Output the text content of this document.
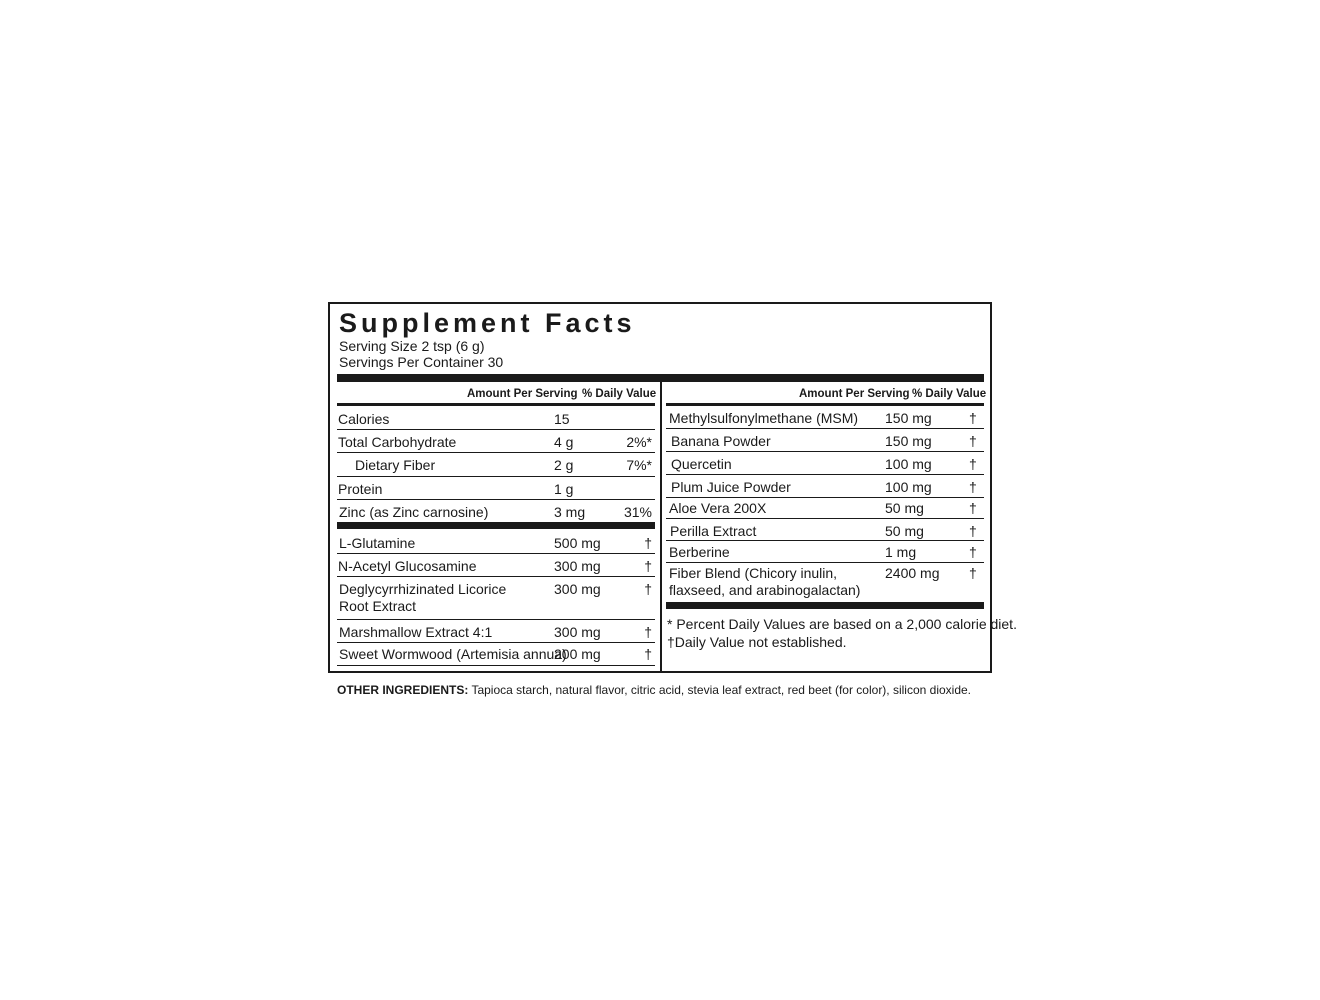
Supplement Facts
Serving Size 2 tsp (6 g)
Servings Per Container 30
Amount Per Serving % Daily Value
Calories	15
Total Carbohydrate	4 g	2%*
Dietary Fiber	2 g	7%*
Protein	1 g
Zinc (as Zinc carnosine)	3 mg	31%
L-Glutamine	500 mg	†
N-Acetyl Glucosamine	300 mg	†
Deglycyrrhizinated Licorice Root Extract
300 mg	†
Marshmallow Extract 4:1	300 mg	†
Sweet Wormwood (Artemisia annua)
200 mg	†
Amount Per Serving % Daily Value
Methylsulfonylmethane (MSM) 150 mg	†
Banana Powder	150 mg	†
Quercetin	100 mg	†
Plum Juice Powder	100 mg	†
Aloe Vera 200X	50 mg	†
Perilla Extract	50 mg	†
Berberine	1 mg	†
Fiber Blend (Chicory inulin, flaxseed, and arabinogalactan)
2400 mg †
* Percent Daily Values are based on a 2,000 calorie diet.
†Daily Value not established.
OTHER INGREDIENTS: Tapioca starch, natural flavor, citric acid, stevia leaf extract, red beet (for color), silicon dioxide.
